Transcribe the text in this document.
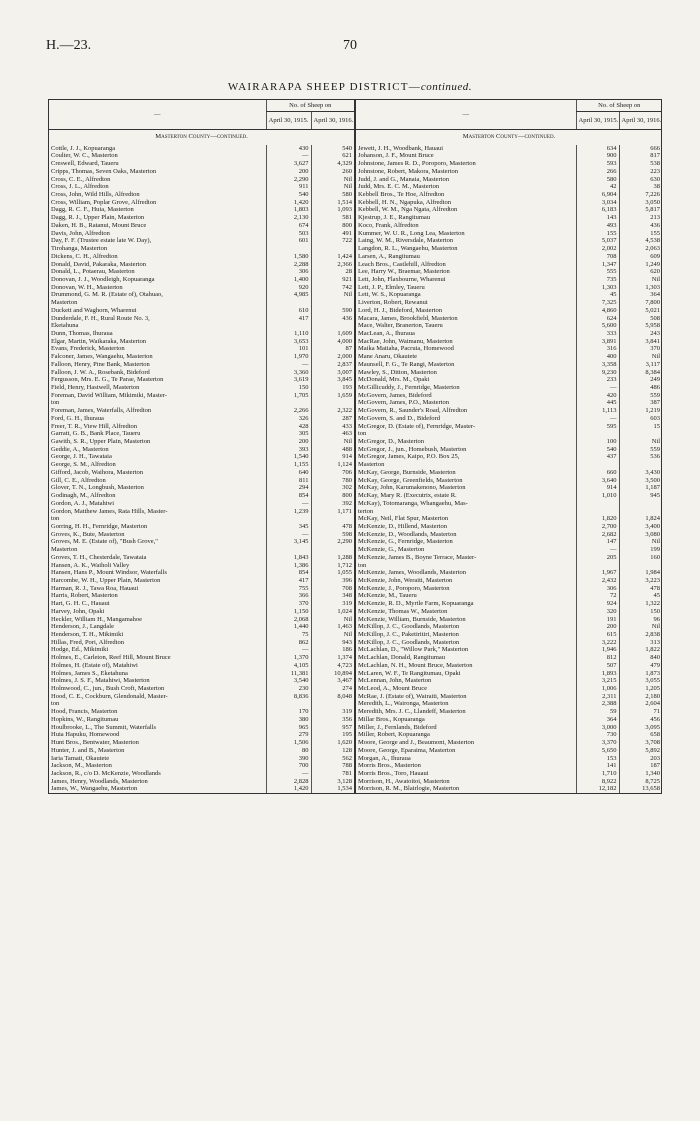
H.—23.	70
WAIRARAPA SHEEP DISTRICT—continued.
—	No. of Sheep on
April 30, 1915.	April 30, 1916.
Masterton County—continued.

Cottle, J. J., Kopuaranga	430	540
Coulter, W. C., Masterton	—	621
Creswell, Edward, Taueru	3,627	4,329
Cripps, Thomas, Seven Oaks, Masterton	200	260
Cross, C. E., Alfredton	2,290	Nil
Cross, J. L., Alfredton	911	Nil
Cross, John, Wild Hills, Alfredton	540	580
Cross, William, Poplar Grove, Alfredton	1,420	1,514
Dagg, R. C. F., Huia, Masterton	1,803	1,093
Dagg, R. J., Upper Plain, Masterton	2,130	581
Daken, H. B., Ratanui, Mount Bruce	674	800
Davis, John, Alfredton	503	491
Day, F. F. (Trustee estate late W. Day),	601	722
Tirohanga, Masterton		
Dickens, C. H., Alfredton	1,580	1,424
Donald, David, Pakaraka, Masterton	2,288	2,366
Donald, L., Potaerau, Masterton	306	28
Donovan, J. J., Woodleigh, Kopuaranga	1,400	921
Donovan, W. H., Masterton	920	742
Drummond, G. M. R. (Estate of), Otahuao,	4,985	Nil
Masterton		
Duckett and Waghorn, Wharenui	610	590
Dunderdale, F. H., Rural Route No. 3,	417	436
Eketahuna		
Dunn, Thomas, Ihuraua	1,110	1,609
Elgar, Martin, Waikaraka, Masterton	3,653	4,000
Evans, Frederick, Masterton	101	87
Falconer, James, Wangaehu, Masterton	1,970	2,000
Falloon, Henry, Pine Bank, Masterton	—	2,837
Falloon, J. W. A., Rosebank, Bideford	3,360	3,007
Fergusson, Mrs. E. G., Te Parae, Masterton	3,619	3,845
Field, Henry, Hastwell, Masterton	150	193
Foreman, David William, Mikimiki, Master-	1,705	1,659
ton		
Foreman, James, Waterfalls, Alfredton	2,266	2,322
Ford, G. H., Ihuraua	326	287
Freer, T. R., View Hill, Alfredton	428	433
Garratt, G. B., Bank Place, Taueru	305	463
Gawith, S. R., Upper Plain, Masterton	200	Nil
Geddie, A., Masterton	393	488
George, J. H., Tawataia	1,540	914
George, S. M., Alfredton	1,155	1,124
Gifford, Jacob, Waihora, Masterton	640	706
Gill, C. E., Alfredton	811	780
Glover, T. N., Longbush, Masterton	294	302
Godinagh, M., Alfredton	854	800
Gordon, A. J., Matahiwi	—	392
Gordon, Matthew James, Rata Hills, Master-	1,239	1,171
ton		
Gorring, H. H., Fernridge, Masterton	345	478
Groves, K., Bute, Masterton	—	598
Groves, M. E. (Estate of), "Bush Grove,"	3,145	2,290
Masterton		
Groves, T. H., Chesterdale, Tawataia	1,843	1,288
Hansen, A. K., Waiholi Valley	1,386	1,712
Hansen, Hans P., Mount Windsor, Waterfalls	854	1,055
Harcombe, W. H., Upper Plain, Masterton	417	396
Harman, R. J., Tawa Roa, Hauaui	755	708
Harris, Robert, Masterton	366	348
Hart, G. H. C., Hauaui	370	319
Harvey, John, Opaki	1,150	1,024
Heckler, William H., Mangamahoe	2,068	Nil
Henderson, J., Langdale	1,440	1,463
Henderson, T. H., Mikimiki	75	Nil
Hillas, Fred, Pori, Alfredton	862	943
Hodge, Ed., Mikimiki	—	186
Holmes, E., Carleton, Reef Hill, Mount Bruce	1,370	1,374
Holmes, H. (Estate of), Matahiwi	4,105	4,723
Holmes, James S., Eketahuna	11,381	10,894
Holmes, J. S. F., Matahiwi, Masterton	3,540	3,467
Holmwood, C., jun., Bush Croft, Masterton	230	274
Hood, C. E., Cockburn, Glendonald, Master-	8,836	8,048
ton		
Hood, Francis, Masterton	170	319
Hopkins, W., Rangitumau	380	356
Houlbrooke, L., The Summit, Waterfalls	965	957
Huia Hapuku, Homewood	279	195
Hunt Bros., Bentwater, Masterton	1,506	1,620
Hunter, J. and B., Masterton	80	128
Iaria Tamati, Okautete	390	562
Jackson, M., Masterton	700	788
Jackson, R., c/o D. McKenzie, Woodlands	—	781
James, Henry, Woodlands, Masterton	2,828	3,128
James, W., Wangaehu, Masterton	1,420	1,534

—	No. of Sheep on
April 30, 1915.	April 30, 1916.
Masterton County—continued.

Jewett, J. H., Woodbank, Hauaui	634	666
Johanson, J. F., Mount Bruce	900	817
Johnstone, James R. D., Poroporo, Masterton	593	538
Johnstone, Robert, Makora, Masterton	266	223
Judd, J. and G., Manaia, Masterton	580	630
Judd, Mrs. E. C. M., Masterton	42	38
Kebbell Bros., Te Hoe, Alfredton	6,904	7,226
Kebbell, H. N., Ngapuka, Alfredton	3,034	3,050
Kebbell, W. M., Nga Ngata, Alfredton	6,183	5,817
Kjestrup, J. E., Rangitumau	143	213
Koco, Frank, Alfredton	493	436
Kummer, W. U. R., Long Lea, Masterton	155	155
Laing, W. M., Riversdale, Masterton	5,037	4,538
Langdon, R. L., Wangaehu, Masterton	2,002	2,063
Larsen, A., Rangitumau	708	609
Leach Bros., Castlehill, Alfredton	1,347	1,249
Lee, Harry W., Braemar, Masterton	555	620
Lett, John, Flaxbourne, Wharenui	735	Nil
Lett, J. P., Elmley, Taueru	1,303	1,303
Lett, W. S., Kopuaranga	45	364
Liverton, Robert, Rewanui	7,325	7,800
Lord, H. J., Bideford, Masterton	4,860	5,021
Macara, James, Brookfield, Masterton	624	508
Mace, Walter, Branerton, Taueru	5,600	5,958
MacLean, A., Ihuraua	333	243
MacRae, John, Waimanu, Masterton	3,891	3,841
Maika Matiaha, Pacruia, Homewood	316	370
Mane Anaru, Okautete	400	Nil
Maunsell, F. G., Te Rangi, Masterton	3,358	3,117
Mawley, S., Ditton, Masterton	9,230	8,384
McDonald, Mrs. M., Opaki	233	249
McGillicuddy, J., Fernridge, Masterton	—	486
McGovern, James, Bideford	420	559
McGovern, James, P.O., Masterton	445	387
McGovern, R., Saunder's Road, Alfredton	1,113	1,219
McGovern, S. and D., Bideford	—	603
McGregor, D. (Estate of), Fernridge, Master-	595	15
ton		
McGregor, D., Masterton	100	Nil
McGregor, J., jun., Homebush, Masterton	540	559
McGregor, James, Kaipo, P.O. Box 25,	437	536
Masterton		
McKay, George, Burnside, Masterton	660	3,430
McKay, George, Greenfields, Masterton	3,640	3,500
McKay, John, Karumakenono, Masterton	914	1,187
McKay, Mary R. (Executrix, estate R.	1,010	945
McKay), Totomaranga, Whangaehu, Mas-		
terton		
McKay, Neil, Flat Spur, Masterton	1,820	1,824
McKenzie, D., Hillend, Masterton	2,700	3,400
McKenzie, D., Woodlands, Masterton	2,682	3,080
McKenzie, G., Fernridge, Masterton	147	Nil
McKenzie, G., Masterton	—	199
McKenzie, James B., Boyne Terrace, Master-	205	160
ton		
McKenzie, James, Woodlands, Masterton	1,967	1,984
McKenzie, John, Weraiti, Masterton	2,432	3,223
McKenzie, J., Poroporo, Masterton	306	478
McKenzie, M., Taueru	72	45
McKenzie, R. D., Myrtle Farm, Kopuaranga	924	1,322
McKenzie, Thomas W., Masterton	320	150
McKenzie, William, Burnside, Masterton	191	96
McKillop, J. C., Goodlands, Masterton	200	Nil
McKillop, J. C., Paketiritiri, Masterton	615	2,838
McKillop, J. C., Goodlands, Masterton	3,222	313
McLachlan, D., "Willow Park," Masterton	1,946	1,822
McLachlan, Donald, Rangitumau	812	840
McLachlan, N. H., Mount Bruce, Masterton	507	479
McLaren, W. F., Te Rangitumau, Opaki	1,893	1,873
McLennan, John, Masterton	3,215	3,055
McLeod, A., Mount Bruce	1,006	1,205
McRae, J. (Estate of), Wairaiti, Masterton	2,311	2,180
Meredith, L., Waironga, Masterton	2,388	2,604
Meredith, Mrs. J. C., Llandeff, Masterton	59	71
Millar Bros., Kopuaranga	364	456
Miller, J., Fernlands, Bideford	3,000	3,095
Miller, Robert, Kopuaranga	730	658
Moore, George and J., Beaumont, Masterton	3,370	3,708
Moore, George, Eparaima, Masterton	5,650	5,892
Morgan, A., Ihuraua	153	203
Morris Bros., Masterton	141	187
Morris Bros., Toro, Hauaui	1,710	1,340
Morrison, H., Awatoitoi, Masterton	8,922	8,725
Morrison, R. M., Blairlogie, Masterton	12,182	13,658
